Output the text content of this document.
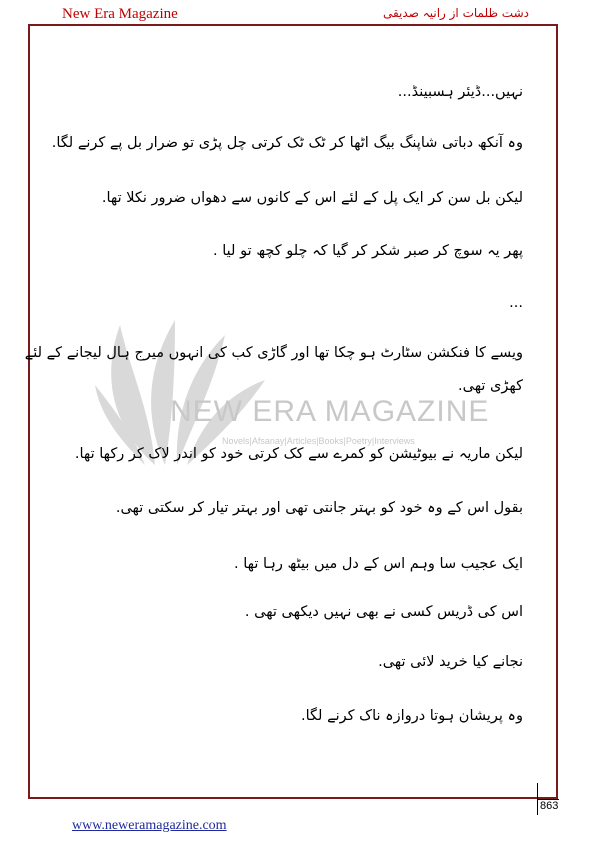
New Era Magazine	دشت ظلمات از رانیہ صدیقی
NEW ERA MAGAZINE
Novels|Afsanay|Articles|Books|Poetry|Interviews
نہیں...ڈیئر ہسبینڈ...
وہ آنکھ دباتی شاپنگ بیگ اٹھا کر ٹک ٹک کرتی چل پڑی تو ضرار بل پے کرنے لگا.
لیکن بل سن کر ایک پل کے لئے اس کے کانوں سے دھواں ضرور نکلا تھا.
پھر یہ سوچ کر صبر شکر کر گیا کہ چلو کچھ تو لیا .
...
ویسے کا فنکشن سٹارٹ ہو چکا تھا اور گاڑی کب کی انہوں میرج ہال لیجانے کے لئے
کھڑی تھی.
لیکن ماریہ نے بیوٹیشن کو کمرے سے کک کرتی خود کو اندر لاک کر رکھا تھا.
بقول اس کے وہ خود کو بہتر جانتی تھی اور بہتر تیار کر سکتی تھی.
ایک عجیب سا وہم اس کے دل میں بیٹھ رہا تھا .
اس کی ڈریس کسی نے بھی نہیں دیکھی تھی .
نجانے کیا خرید لائی تھی.
وہ پریشان ہوتا دروازہ ناک کرنے لگا.
863
www.neweramagazine.com
